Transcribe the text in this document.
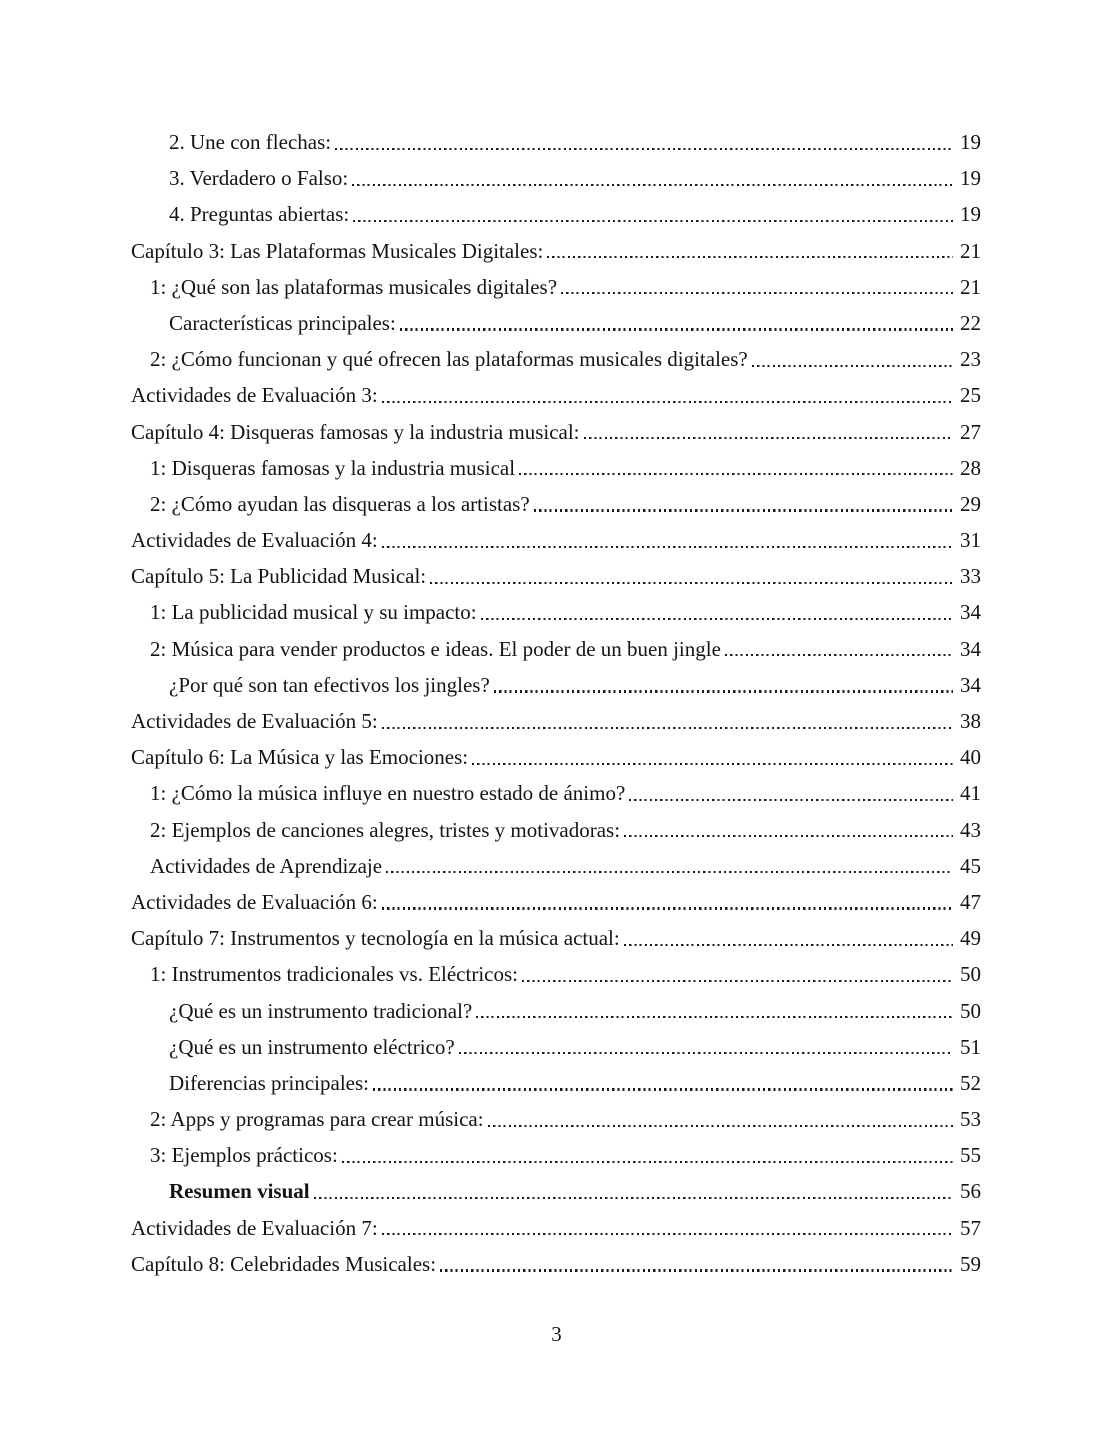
2. Une con flechas:	19
3. Verdadero o Falso:	19
4. Preguntas abiertas:	19
Capítulo 3: Las Plataformas Musicales Digitales:	21
1: ¿Qué son las plataformas musicales digitales?	21
Características principales:	22
2: ¿Cómo funcionan y qué ofrecen las plataformas musicales digitales?	23
Actividades de Evaluación 3:	25
Capítulo 4: Disqueras famosas y la industria musical:	27
1: Disqueras famosas y la industria musical	28
2: ¿Cómo ayudan las disqueras a los artistas?	29
Actividades de Evaluación 4:	31
Capítulo 5: La Publicidad Musical:	33
1: La publicidad musical y su impacto:	34
2: Música para vender productos e ideas. El poder de un buen jingle	34
¿Por qué son tan efectivos los jingles?	34
Actividades de Evaluación 5:	38
Capítulo 6: La Música y las Emociones:	40
1: ¿Cómo la música influye en nuestro estado de ánimo?	41
2: Ejemplos de canciones alegres, tristes y motivadoras:	43
Actividades de Aprendizaje	45
Actividades de Evaluación 6:	47
Capítulo 7: Instrumentos y tecnología en la música actual:	49
1: Instrumentos tradicionales vs. Eléctricos:	50
¿Qué es un instrumento tradicional?	50
¿Qué es un instrumento eléctrico?	51
Diferencias principales:	52
2: Apps y programas para crear música:	53
3: Ejemplos prácticos:	55
Resumen visual	56
Actividades de Evaluación 7:	57
Capítulo 8: Celebridades Musicales:	59
3
